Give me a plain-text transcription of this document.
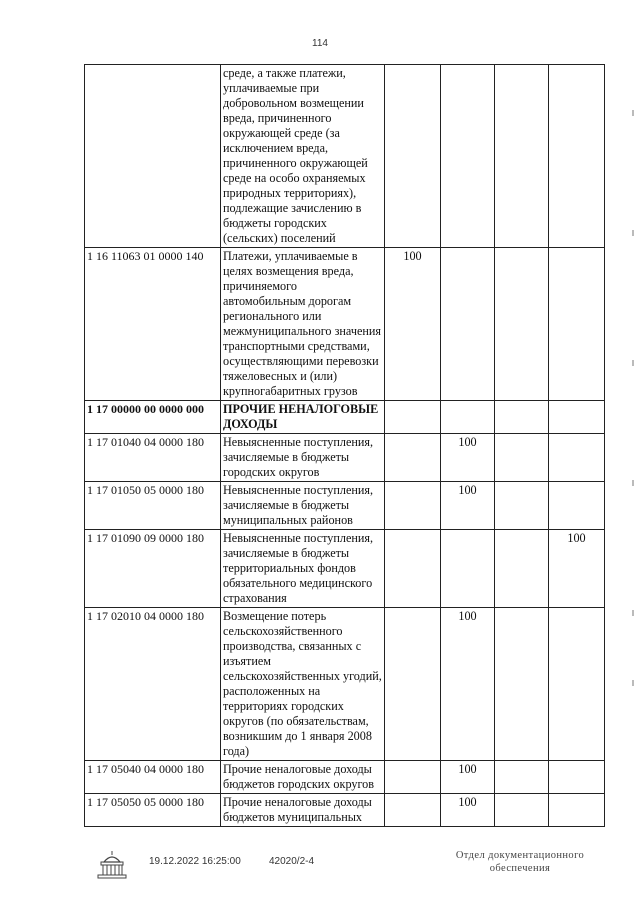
114
	среде, а также платежи, уплачиваемые при добровольном возмещении вреда, причиненного окружающей среде (за исключением вреда, причиненного окружающей среде на особо охраняемых природных территориях), подлежащие зачислению в бюджеты городских (сельских) поселений				
1 16 11063 01 0000 140	Платежи, уплачиваемые в целях возмещения вреда, причиняемого автомобильным дорогам регионального или межмуниципального значения транспортными средствами, осуществляющими перевозки тяжеловесных и (или) крупногабаритных грузов	100			
1 17 00000 00 0000 000	ПРОЧИЕ НЕНАЛОГОВЫЕ ДОХОДЫ				
1 17 01040 04 0000 180	Невыясненные поступления, зачисляемые в бюджеты городских округов		100		
1 17 01050 05 0000 180	Невыясненные поступления, зачисляемые в бюджеты муниципальных районов		100		
1 17 01090 09 0000 180	Невыясненные поступления, зачисляемые в бюджеты территориальных фондов обязательного медицинского страхования				100
1 17 02010 04 0000 180	Возмещение потерь сельскохозяйственного производства, связанных с изъятием сельскохозяйственных угодий, расположенных на территориях городских округов (по обязательствам, возникшим до 1 января 2008 года)		100		
1 17 05040 04 0000 180	Прочие неналоговые доходы бюджетов городских округов		100		
1 17 05050 05 0000 180	Прочие неналоговые доходы бюджетов муниципальных		100		
19.12.2022 16:25:00	42020/2-4
Отдел документационного
обеспечения
